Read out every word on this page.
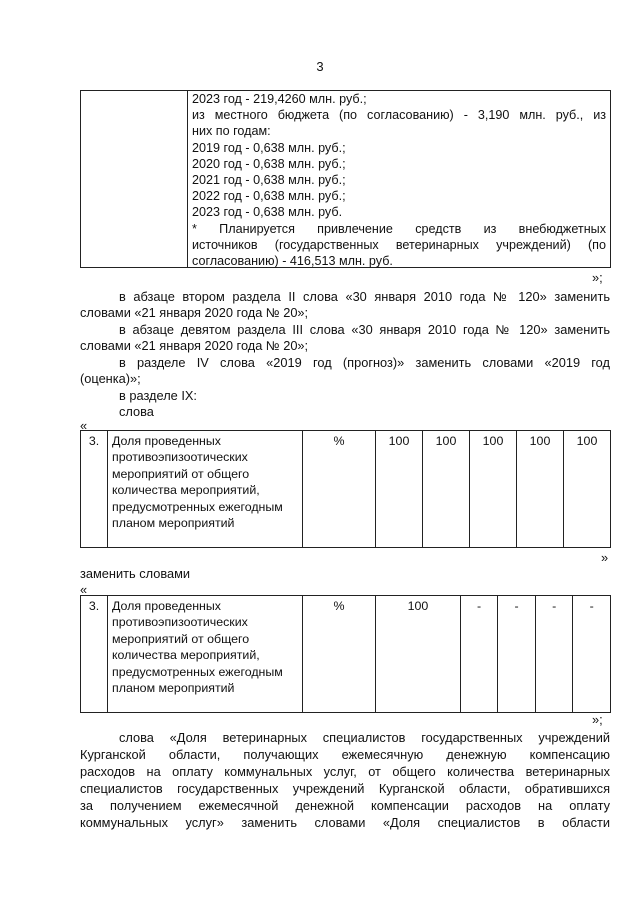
3

2023 год - 219,4260 млн. руб.;

из местного бюджета (по согласованию) - 3,190 млн. руб., из

них по годам:

2019 год - 0,638 млн. руб.;

2020 год - 0,638 млн. руб.;

2021 год - 0,638 млн. руб.;

2022 год - 0,638 млн. руб.;

2023 год - 0,638 млн. руб.

* Планируется привлечение средств из внебюджетных

источников (государственных ветеринарных учреждений) (по

согласованию) - 416,513 млн. руб.

»;
в абзаце втором раздела II слова «30 января 2010 года № 120» заменить
словами «21 января 2020 года № 20»;
в абзаце девятом раздела III слова «30 января 2010 года № 120» заменить
словами «21 января 2020 года № 20»;
в разделе IV слова «2019 год (прогноз)» заменить словами «2019 год
(оценка)»;
в разделе IX:
слова
«
3.	Доля проведенных противоэпизоотических мероприятий от общего количества мероприятий, предусмотренных ежегодным планом мероприятий	%	100	100	100	100	100
»
заменить словами
«
3.	Доля проведенных противоэпизоотических мероприятий от общего количества мероприятий, предусмотренных ежегодным планом мероприятий	%	100	-	-	-	-
»;
слова «Доля ветеринарных специалистов государственных учреждений
Курганской области, получающих ежемесячную денежную компенсацию
расходов на оплату коммунальных услуг, от общего количества ветеринарных
специалистов государственных учреждений Курганской области, обратившихся
за получением ежемесячной денежной компенсации расходов на оплату
коммунальных услуг» заменить словами «Доля специалистов в области
